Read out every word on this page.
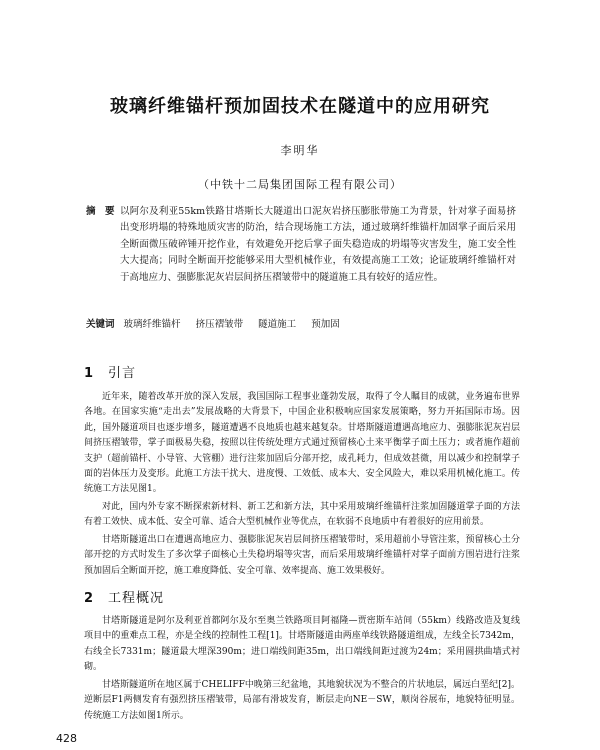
玻璃纤维锚杆预加固技术在隧道中的应用研究
李明华
（中铁十二局集团国际工程有限公司）
摘　要 以阿尔及利亚55km铁路甘塔斯长大隧道出口泥灰岩挤压膨胀带施工为背景，针对掌子面易挤出变形坍塌的特殊地质灾害的防治，结合现场施工方法，通过玻璃纤维锚杆加固掌子面后采用全断面微压破碎锤开挖作业，有效避免开挖后掌子面失稳造成的坍塌等灾害发生，施工安全性大大提高；同时全断面开挖能够采用大型机械作业，有效提高施工工效；论证玻璃纤维锚杆对于高地应力、强膨胀泥灰岩层间挤压褶皱带中的隧道施工具有较好的适应性。
关键词 玻璃纤维锚杆 挤压褶皱带 隧道施工 预加固
1 引言

近年来，随着改革开放的深入发展，我国国际工程事业蓬勃发展，取得了令人瞩目的成就，业务遍布世界各地。在国家实施“走出去”发展战略的大背景下，中国企业积极响应国家发展策略，努力开拓国际市场。因此，国外隧道项目也逐步增多，隧道遭遇不良地质也越来越复杂。甘塔斯隧道遭遇高地应力、强膨胀泥灰岩层间挤压褶皱带，掌子面极易失稳，按照以往传统处理方式通过预留核心土来平衡掌子面土压力；或者施作超前支护（超前锚杆、小导管、大管棚）进行注浆加固后分部开挖，成孔耗力，但成效甚微，用以减少和控制掌子面的岩体压力及变形。此施工方法干扰大、进度慢、工效低、成本大、安全风险大，难以采用机械化施工。传统施工方法见图1。

对此，国内外专家不断探索新材料、新工艺和新方法，其中采用玻璃纤维锚杆注浆加固隧道掌子面的方法有着工效快、成本低、安全可靠、适合大型机械作业等优点，在软弱不良地质中有着很好的应用前景。

甘塔斯隧道出口在遭遇高地应力、强膨胀泥灰岩层间挤压褶皱带时，采用超前小导管注浆，预留核心土分部开挖的方式时发生了多次掌子面核心土失稳坍塌等灾害，而后采用玻璃纤维锚杆对掌子面前方围岩进行注浆预加固后全断面开挖，施工难度降低、安全可靠、效率提高、施工效果极好。

2 工程概况

甘塔斯隧道是阿尔及利亚首都阿尔及尔至奥兰铁路项目阿福隆—贾密斯车站间（55km）线路改造及复线项目中的重难点工程，亦是全线的控制性工程[1]。甘塔斯隧道由两座单线铁路隧道组成，左线全长7342m，右线全长7331m；隧道最大埋深390m；进口端线间距35m，出口端线间距过渡为24m；采用圆拱曲墙式衬砌。

甘塔斯隧道所在地区属于CHELIFF中晚第三纪盆地，其地貌状况为不整合的片状地层，属远白垩纪[2]。逆断层F1两侧发育有强烈挤压褶皱带，局部有滑坡发育，断层走向NE－SW，顺岗谷展布，地貌特征明显。传统施工方法如图1所示。

428
